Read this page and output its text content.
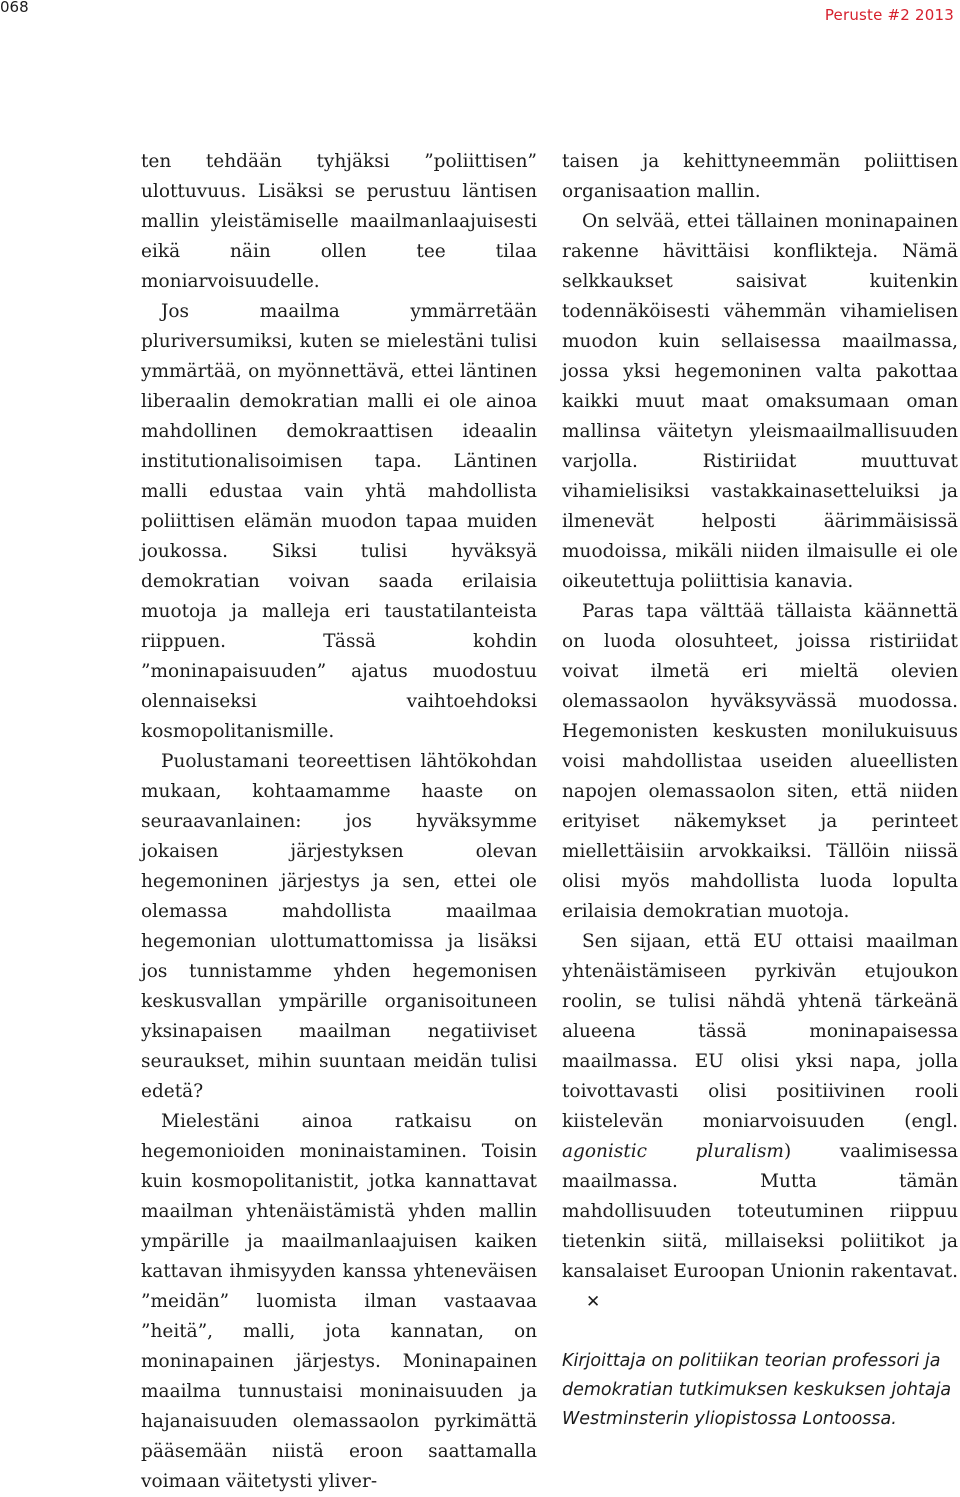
068	Peruste #2 2013

ten tehdään tyhjäksi ”poliittisen” ulottuvuus. Lisäksi se perustuu läntisen mallin yleistämiselle maailmanlaajuisesti eikä näin ollen tee tilaa moniarvoisuudelle.

Jos maailma ymmärretään pluriversumiksi, kuten se mielestäni tulisi ymmärtää, on myönnettävä, ettei läntinen liberaalin demokratian malli ei ole ainoa mahdollinen demokraattisen ideaalin institutionalisoimisen tapa. Läntinen malli edustaa vain yhtä mahdollista poliittisen elämän muodon tapaa muiden joukossa. Siksi tulisi hyväksyä demokratian voivan saada erilaisia muotoja ja malleja eri taustatilanteista riippuen. Tässä kohdin ”moninapaisuuden” ajatus muodostuu olennaiseksi vaihtoehdoksi kosmopolitanismille.

Puolustamani teoreettisen lähtökohdan mukaan, kohtaamamme haaste on seuraavanlainen: jos hyväksymme jokaisen järjestyksen olevan hegemoninen järjestys ja sen, ettei ole olemassa mahdollista maailmaa hegemonian ulottumattomissa ja lisäksi jos tunnistamme yhden hegemonisen keskusvallan ympärille organisoituneen yksinapaisen maailman negatiiviset seuraukset, mihin suuntaan meidän tulisi edetä?

Mielestäni ainoa ratkaisu on hegemonioiden moninaistaminen. Toisin kuin kosmopolitanistit, jotka kannattavat maailman yhtenäistämistä yhden mallin ympärille ja maailmanlaajuisen kaiken kattavan ihmisyyden kanssa yhteneväisen ”meidän” luomista ilman vastaavaa ”heitä”, malli, jota kannatan, on moninapainen järjestys. Moninapainen maailma tunnustaisi moninaisuuden ja hajanaisuuden olemassaolon pyrkimättä pääsemään niistä eroon saattamalla voimaan väitetysti yliver-

taisen ja kehittyneemmän poliittisen organisaation mallin.

On selvää, ettei tällainen moninapainen rakenne hävittäisi konflikteja. Nämä selkkaukset saisivat kuitenkin todennäköisesti vähemmän vihamielisen muodon kuin sellaisessa maailmassa, jossa yksi hegemoninen valta pakottaa kaikki muut maat omaksumaan oman mallinsa väitetyn yleismaailmallisuuden varjolla. Ristiriidat muuttuvat vihamielisiksi vastakkainasetteluiksi ja ilmenevät helposti äärimmäisissä muodoissa, mikäli niiden ilmaisulle ei ole oikeutettuja poliittisia kanavia.

Paras tapa välttää tällaista käännettä on luoda olosuhteet, joissa ristiriidat voivat ilmetä eri mieltä olevien olemassaolon hyväksyvässä muodossa. Hegemonisten keskusten monilukuisuus voisi mahdollistaa useiden alueellisten napojen olemassaolon siten, että niiden erityiset näkemykset ja perinteet miellettäisiin arvokkaiksi. Tällöin niissä olisi myös mahdollista luoda lopulta erilaisia demokratian muotoja.

Sen sijaan, että EU ottaisi maailman yhtenäistämiseen pyrkivän etujoukon roolin, se tulisi nähdä yhtenä tärkeänä alueena tässä moninapaisessa maailmassa. EU olisi yksi napa, jolla toivottavasti olisi positiivinen rooli kiistelevän moniarvoisuuden (engl. agonistic pluralism) vaalimisessa maailmassa. Mutta tämän mahdollisuuden toteutuminen riippuu tietenkin siitä, millaiseksi poliitikot ja kansalaiset Euroopan Unionin rakentavat.✕

Kirjoittaja on politiikan teorian professori ja demokratian tutkimuksen keskuksen johtaja Westminsterin yliopistossa Lontoossa.
